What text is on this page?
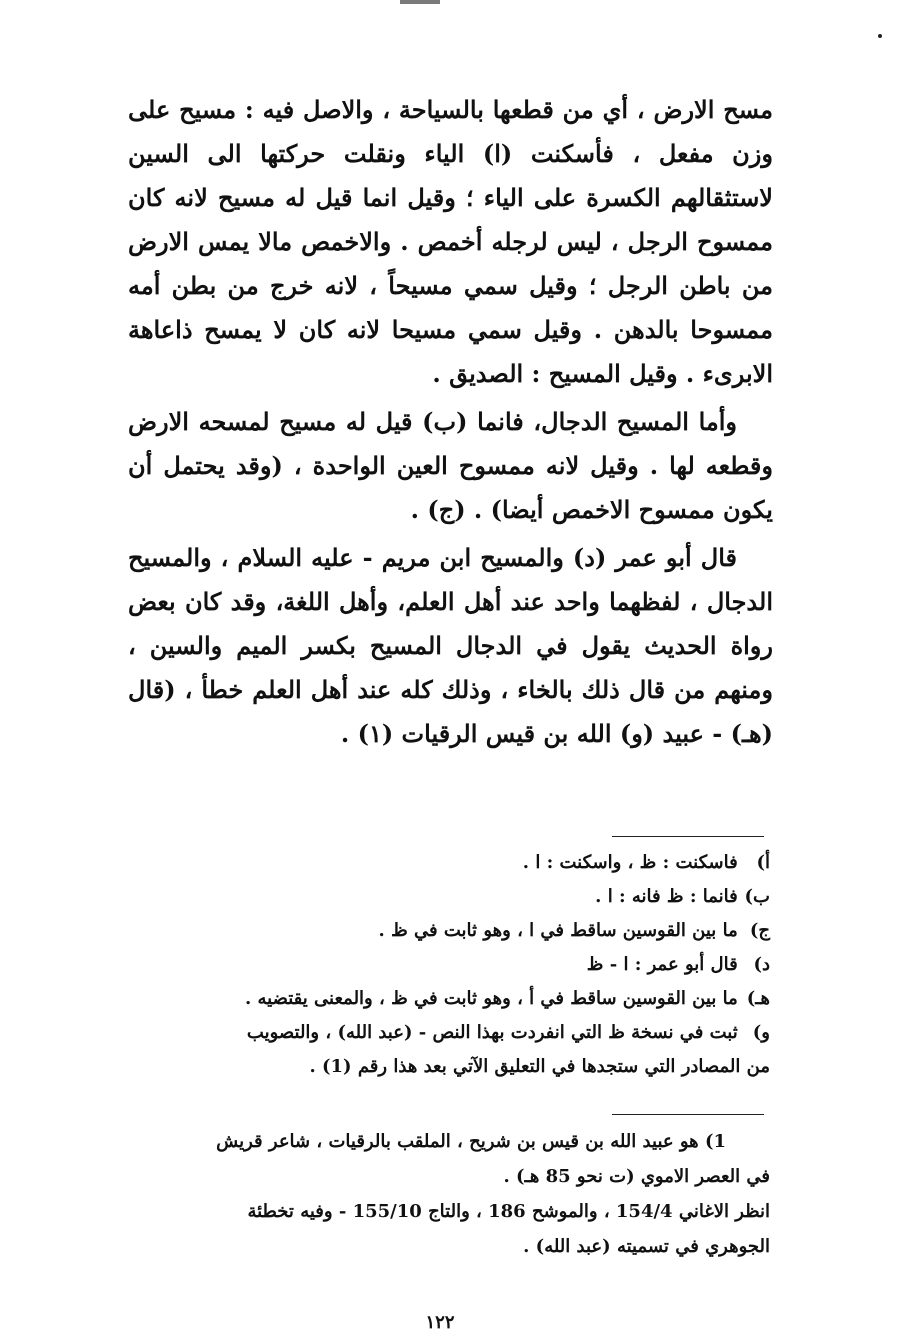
مسح الارض ، أي من قطعها بالسياحة ، والاصل فيه : مسيح على وزن مفعل ، فأسكنت (ا) الياء ونقلت حركتها الى السين لاستثقالهم الكسرة على الياء ؛ وقيل انما قيل له مسيح لانه كان ممسوح الرجل ، ليس لرجله أخمص . والاخمص مالا يمس الارض من باطن الرجل ؛ وقيل سمي مسيحاً ، لانه خرج من بطن أمه ممسوحا بالدهن . وقيل سمي مسيحا لانه كان لا يمسح ذاعاهة الابرىء . وقيل المسيح : الصديق .

وأما المسيح الدجال، فانما (ب) قيل له مسيح لمسحه الارض وقطعه لها . وقيل لانه ممسوح العين الواحدة ، (وقد يحتمل أن يكون ممسوح الاخمص أيضا) . (ج) .

قال أبو عمر (د) والمسيح ابن مريم - عليه السلام ، والمسيح الدجال ، لفظهما واحد عند أهل العلم، وأهل اللغة، وقد كان بعض رواة الحديث يقول في الدجال المسيح بكسر الميم والسين ، ومنهم من قال ذلك بالخاء ، وذلك كله عند أهل العلم خطأ ، (قال (هـ) - عبيد (و) الله بن قيس الرقيات (١) .

أ) فاسكنت : ظ ، واسكنت : ا .

ب) فانما : ظ فانه : ا .

ج) ما بين القوسين ساقط في ا ، وهو ثابت في ظ .

د) قال أبو عمر : ا - ظ

هـ) ما بين القوسين ساقط في أ ، وهو ثابت في ظ ، والمعنى يقتضيه .

و) ثبت في نسخة ظ التي انفردت بهذا النص - (عبد الله) ، والتصويب

من المصادر التي ستجدها في التعليق الآتي بعد هذا رقم (1) .

1) هو عبيد الله بن قيس بن شريح ، الملقب بالرقيات ، شاعر قريش

في العصر الاموي (ت نحو 85 هـ) .

انظر الاغاني 154/4 ، والموشح 186 ، والتاج 155/10 - وفيه تخطئة

الجوهري في تسميته (عبد الله) .

١٢٢
